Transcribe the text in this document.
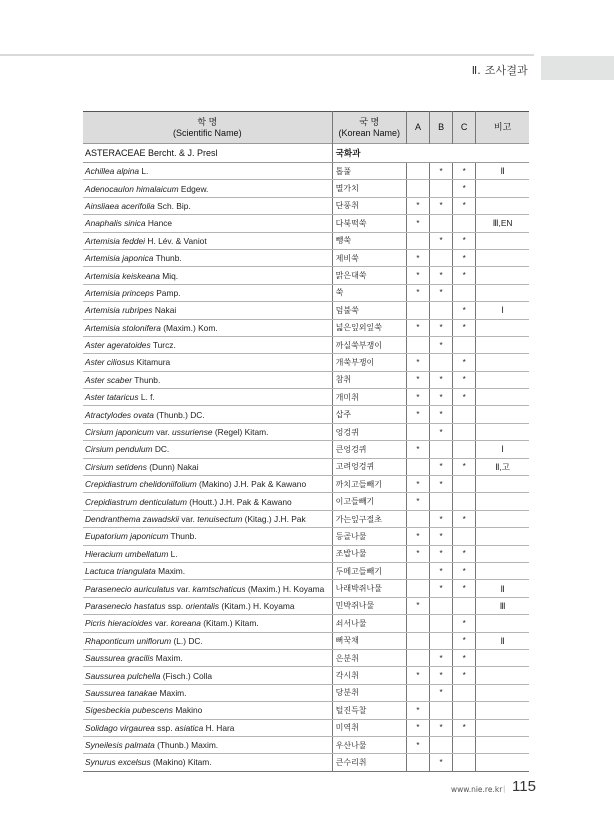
Ⅱ. 조사결과
학 명
(Scientific Name)

국 명
(Korean Name)
	A	B	C	비고
ASTERACEAE Bercht. & J. Presl	국화과				
Achillea alpina L.	톱풀		*	*	Ⅱ
Adenocaulon himalaicum Edgew.	멸가치			*	
Ainsliaea acerifolia Sch. Bip.	단풍취	*	*	*	
Anaphalis sinica Hance	다북떡쑥	*			Ⅲ,EN
Artemisia feddei H. Lév. & Vaniot	뺑쑥		*	*	
Artemisia japonica Thunb.	제비쑥	*		*	
Artemisia keiskeana Miq.	맑은대쑥	*	*	*	
Artemisia princeps Pamp.	쑥	*	*		
Artemisia rubripes Nakai	덤불쑥			*	Ⅰ
Artemisia stolonifera (Maxim.) Kom.	넓은잎외잎쑥	*	*	*	
Aster ageratoides Turcz.	까실쑥부쟁이		*		
Aster ciliosus Kitamura	개쑥부쟁이	*		*	
Aster scaber Thunb.	참취	*	*	*	
Aster tataricus L. f.	개미취	*	*	*	
Atractylodes ovata (Thunb.) DC.	삽주	*	*		
Cirsium japonicum var. ussuriense (Regel) Kitam.	엉겅퀴		*		
Cirsium pendulum DC.	큰엉겅퀴	*			Ⅰ
Cirsium setidens (Dunn) Nakai	고려엉겅퀴		*	*	Ⅱ,고
Crepidiastrum chelidoniifolium (Makino) J.H. Pak & Kawano	까치고들빼기	*	*		
Crepidiastrum denticulatum (Houtt.) J.H. Pak & Kawano	이고들빼기	*			
Dendranthema zawadskii var. tenuisectum (Kitag.) J.H. Pak	가는잎구절초		*	*	
Eupatorium japonicum Thunb.	등골나물	*	*		
Hieracium umbellatum L.	조밥나물	*	*	*	
Lactuca triangulata Maxim.	두메고들빼기		*	*	
Parasenecio auriculatus var. kamtschaticus (Maxim.) H. Koyama	나래박쥐나물		*	*	Ⅱ
Parasenecio hastatus ssp. orientalis (Kitam.) H. Koyama	민박쥐나물	*			Ⅲ
Picris hieracioides var. koreana (Kitam.) Kitam.	쇠서나물			*	
Rhaponticum uniflorum (L.) DC.	뻐꾹채			*	Ⅱ
Saussurea gracilis Maxim.	은분취		*	*	
Saussurea pulchella (Fisch.) Colla	각시취	*	*	*	
Saussurea tanakae Maxim.	당분취		*		
Sigesbeckia pubescens Makino	털진득찰	*			
Solidago virgaurea ssp. asiatica H. Hara	미역취	*	*	*	
Syneilesis palmata (Thunb.) Maxim.	우산나물	*			
Synurus excelsus (Makino) Kitam.	큰수리취		*		
www.nie.re.kr | 115
